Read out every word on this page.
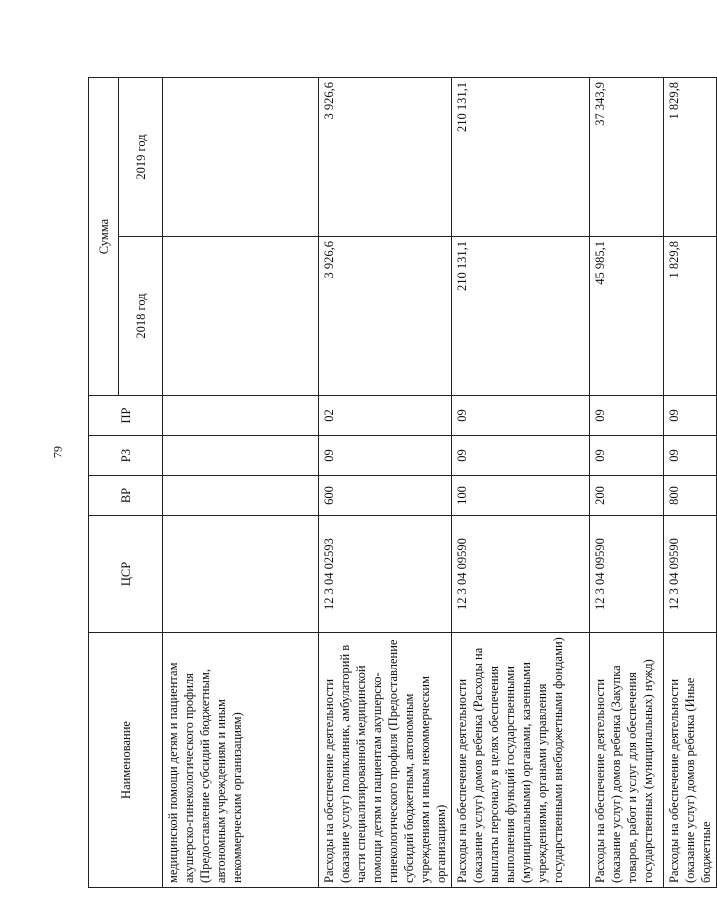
79
Наименование	ЦСР	ВР	РЗ	ПР	Сумма	
					2018 год	2019 год
медицинской помощи детям и пациентам акушерско-гинекологического профиля (Предоставление субсидий бюджетным, автономным учреждениям и иным некоммерческим организациям)						
Расходы на обеспечение деятельности (оказание услуг) поликлиник, амбулаторий в части специализированной медицинской помощи детям и пациентам акушерско-гинекологического профиля (Предоставление субсидий бюджетным, автономным учреждениям и иным некоммерческим организациям)	12 3 04 02593	600	09	02	3 926,6	3 926,6
Расходы на обеспечение деятельности (оказание услуг) домов ребенка (Расходы на выплаты персоналу в целях обеспечения выполнения функций государственными (муниципальными) органами, казенными учреждениями, органами управления государственными внебюджетными фондами)	12 3 04 09590	100	09	09	210 131,1	210 131,1
Расходы на обеспечение деятельности (оказание услуг) домов ребенка (Закупка товаров, работ и услуг для обеспечения государственных (муниципальных) нужд)	12 3 04 09590	200	09	09	45 985,1	37 343,9
Расходы на обеспечение деятельности (оказание услуг) домов ребенка (Иные бюджетные	12 3 04 09590	800	09	09	1 829,8	1 829,8
